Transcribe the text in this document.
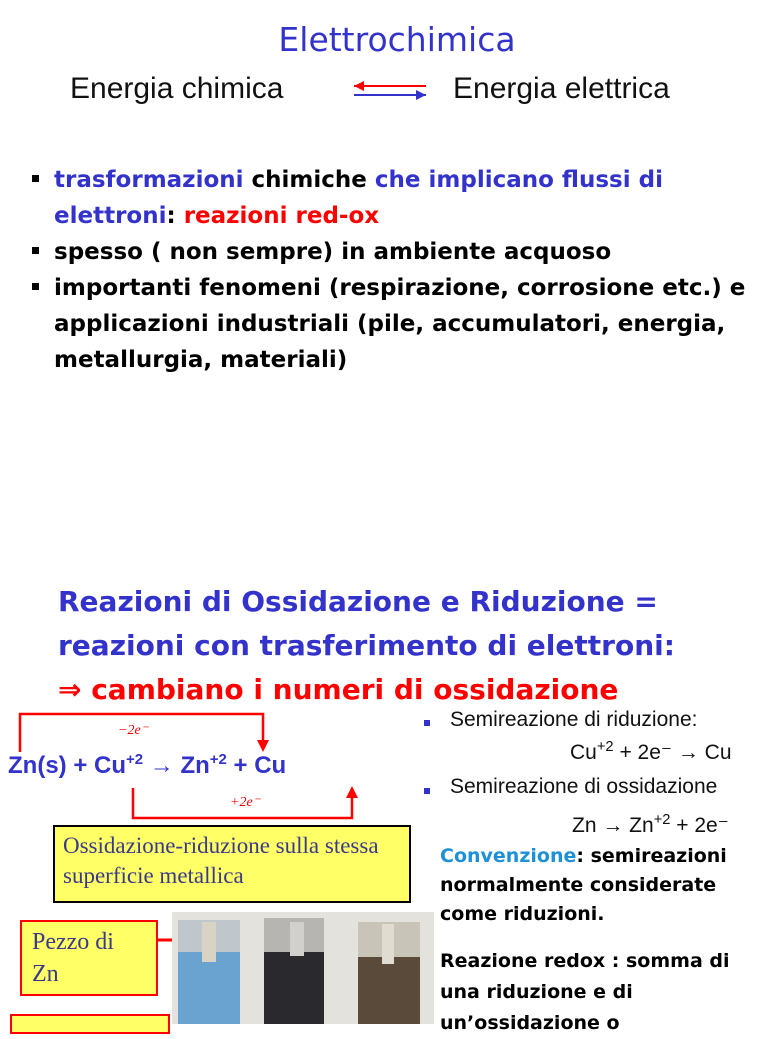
Elettrochimica
Energia chimica	Energia elettrica
trasformazioni chimiche che implicano flussi di elettroni: reazioni red-ox
spesso ( non sempre) in ambiente acquoso
importanti fenomeni (respirazione, corrosione etc.) e applicazioni industriali (pile, accumulatori, energia, metallurgia, materiali)
Reazioni di Ossidazione e Riduzione =
reazioni con trasferimento di elettroni:
⇒ cambiano i numeri di ossidazione
−2e⁻
$Zn(s) + Cu^{+2} \to Zn^{+2} + Cu$
+2e⁻
Semireazione di riduzione:
$Cu^{+2} + 2e^- \to Cu$
Semireazione di ossidazione
$Zn \to Zn^{+2} + 2e^-$
Ossidazione-riduzione sulla stessa superficie metallica
Convenzione: semireazioni normalmente considerate come riduzioni.
Reazione redox : somma di una riduzione e di un’ossidazione o
Pezzo di Zn
